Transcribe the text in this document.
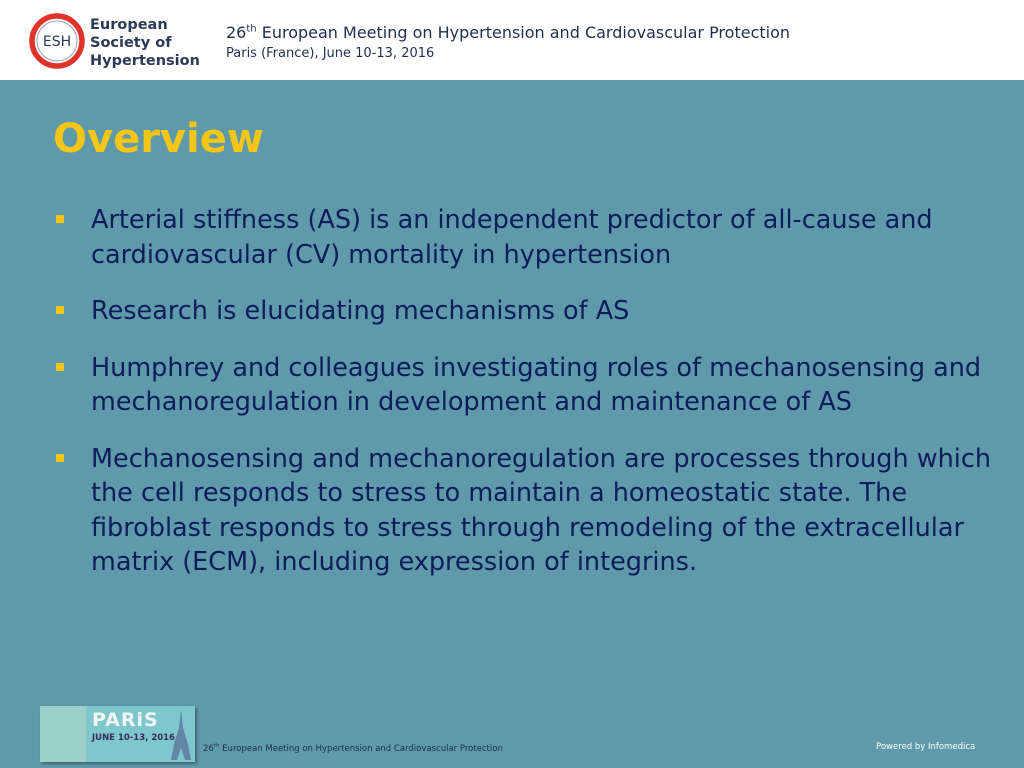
ESH
European
Society of
Hypertension
26th European Meeting on Hypertension and Cardiovascular Protection
Paris (France), June 10-13, 2016
Overview
Arterial stiffness (AS) is an independent predictor of all-cause and cardiovascular (CV) mortality in hypertension
Research is elucidating mechanisms of AS
Humphrey and colleagues investigating roles of mechanosensing and mechanoregulation in development and maintenance of AS
Mechanosensing and mechanoregulation are processes through which the cell responds to stress to maintain a homeostatic state. The fibroblast responds to stress through remodeling of the extracellular matrix (ECM), including expression of integrins.
PARiS
JUNE 10-13, 2016
26th European Meeting on Hypertension and Cardiovascular Protection	Powered by Infomedica
